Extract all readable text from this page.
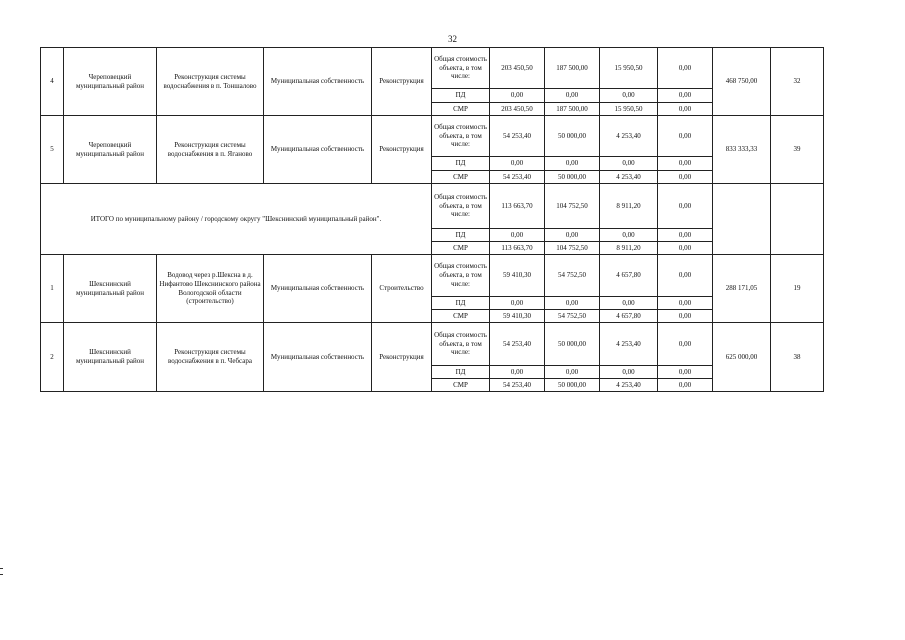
32
4	Череповецкий муниципальный район	Реконструкция системы водоснабжения в п. Тоншалово	Муниципальная собственность	Реконструкция	Общая стоимость объекта, в том числе:	203 450,50	187 500,00	15 950,50	0,00	468 750,00	32
					ПД	0,00	0,00	0,00	0,00		
					СМР	203 450,50	187 500,00	15 950,50	0,00		
5	Череповецкий муниципальный район	Реконструкция системы водоснабжения в п. Яганово	Муниципальная собственность	Реконструкция	Общая стоимость объекта, в том числе:	54 253,40	50 000,00	4 253,40	0,00	833 333,33	39
					ПД	0,00	0,00	0,00	0,00		
					СМР	54 253,40	50 000,00	4 253,40	0,00		
ИТОГО по муниципальному району / городскому округу "Шекснинский муниципальный район".					Общая стоимость объекта, в том числе:	113 663,70	104 752,50	8 911,20	0,00		
					ПД	0,00	0,00	0,00	0,00		
					СМР	113 663,70	104 752,50	8 911,20	0,00		
1	Шекснинский муниципальный район	Водовод через р.Шексна в д. Нифантово Шекснинского района Вологодской области (строительство)	Муниципальная собственность	Строительство	Общая стоимость объекта, в том числе:	59 410,30	54 752,50	4 657,80	0,00	288 171,05	19
					ПД	0,00	0,00	0,00	0,00		
					СМР	59 410,30	54 752,50	4 657,80	0,00		
2	Шекснинский муниципальный район	Реконструкция системы водоснабжения в п. Чебсара	Муниципальная собственность	Реконструкция	Общая стоимость объекта, в том числе:	54 253,40	50 000,00	4 253,40	0,00	625 000,00	38
					ПД	0,00	0,00	0,00	0,00		
					СМР	54 253,40	50 000,00	4 253,40	0,00		
